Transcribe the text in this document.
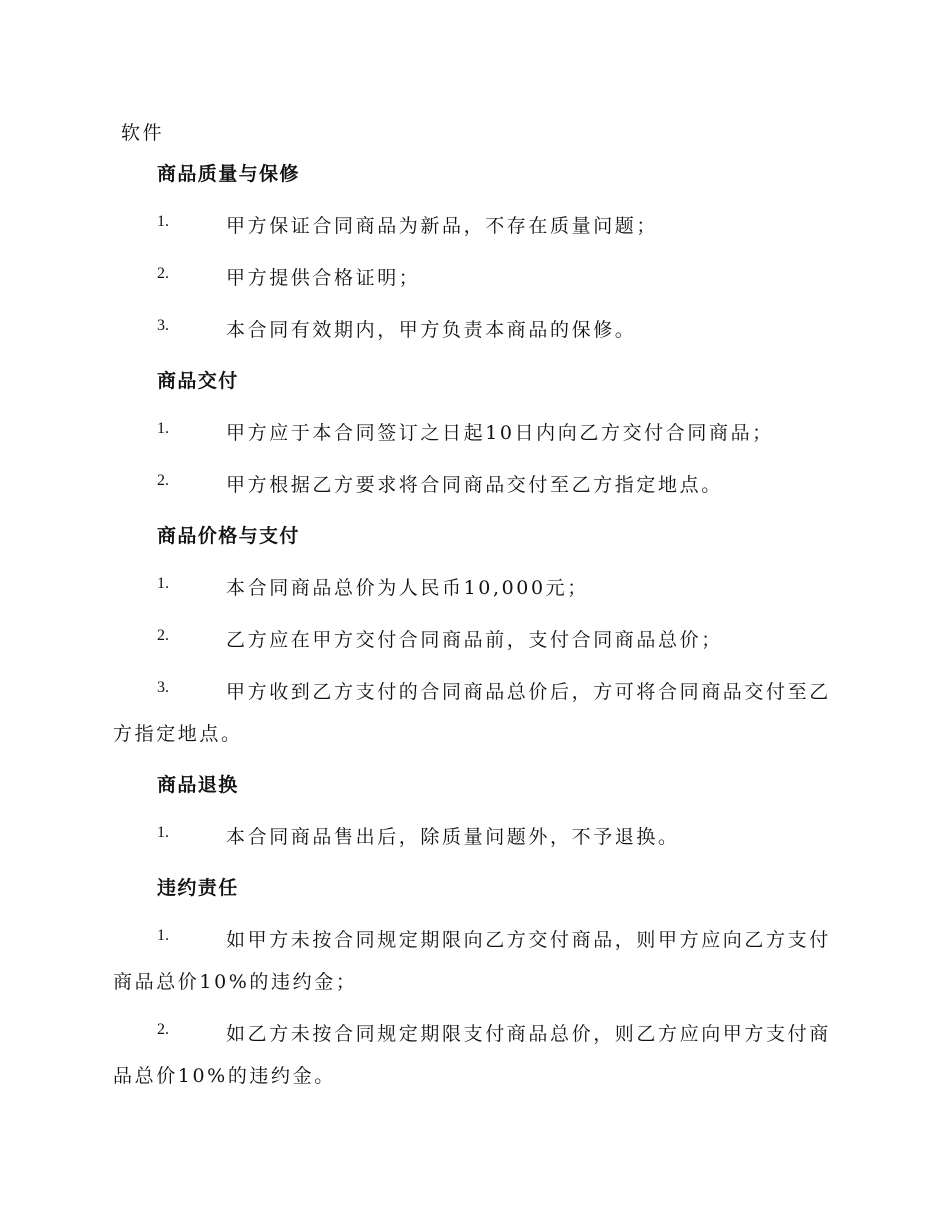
软件
商品质量与保修
1.	甲方保证合同商品为新品，不存在质量问题；
2.	甲方提供合格证明；
3.	本合同有效期内，甲方负责本商品的保修。
商品交付
1.	甲方应于本合同签订之日起10日内向乙方交付合同商品；
2.	甲方根据乙方要求将合同商品交付至乙方指定地点。
商品价格与支付
1.	本合同商品总价为人民币10,000元；
2.	乙方应在甲方交付合同商品前，支付合同商品总价；
3.	甲方收到乙方支付的合同商品总价后，方可将合同商品交付至乙
方指定地点。
商品退换
1.	本合同商品售出后，除质量问题外，不予退换。
违约责任
1.	如甲方未按合同规定期限向乙方交付商品，则甲方应向乙方支付
商品总价10%的违约金；
2.	如乙方未按合同规定期限支付商品总价，则乙方应向甲方支付商
品总价10%的违约金。
